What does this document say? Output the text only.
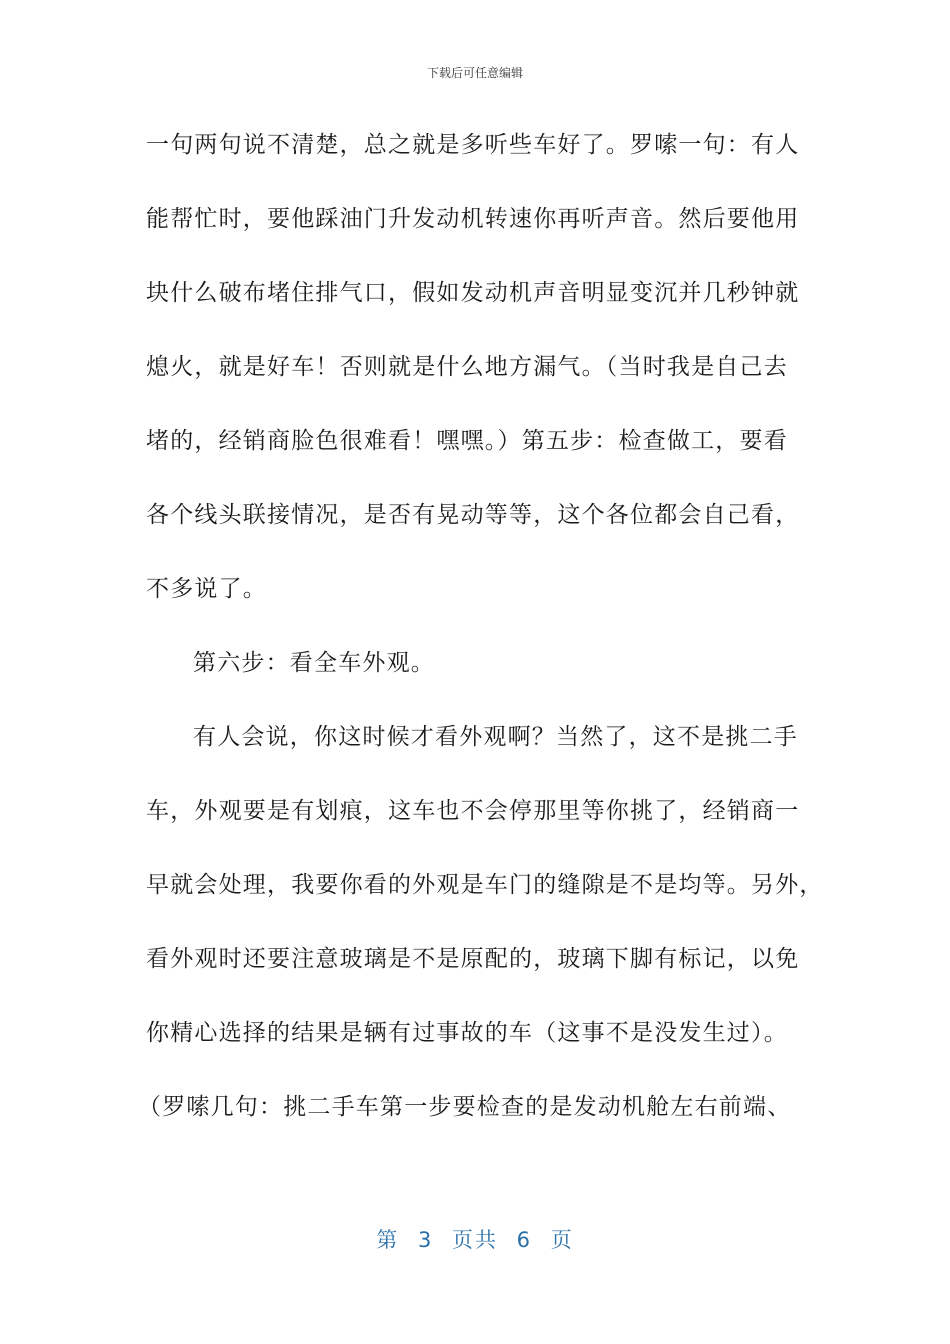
下载后可任意编辑
一句两句说不清楚，总之就是多听些车好了。罗嗦一句：有人
能帮忙时，要他踩油门升发动机转速你再听声音。然后要他用
块什么破布堵住排气口，假如发动机声音明显变沉并几秒钟就
熄火，就是好车！否则就是什么地方漏气。（当时我是自己去
堵的，经销商脸色很难看！嘿嘿。）第五步：检查做工，要看
各个线头联接情况，是否有晃动等等，这个各位都会自己看，
不多说了。
第六步：看全车外观。
有人会说，你这时候才看外观啊？当然了，这不是挑二手
车，外观要是有划痕，这车也不会停那里等你挑了，经销商一
早就会处理，我要你看的外观是车门的缝隙是不是均等。另外，
看外观时还要注意玻璃是不是原配的，玻璃下脚有标记，以免
你精心选择的结果是辆有过事故的车（这事不是没发生过）。
（罗嗦几句：挑二手车第一步要检查的是发动机舱左右前端、
第 3 页共 6 页
